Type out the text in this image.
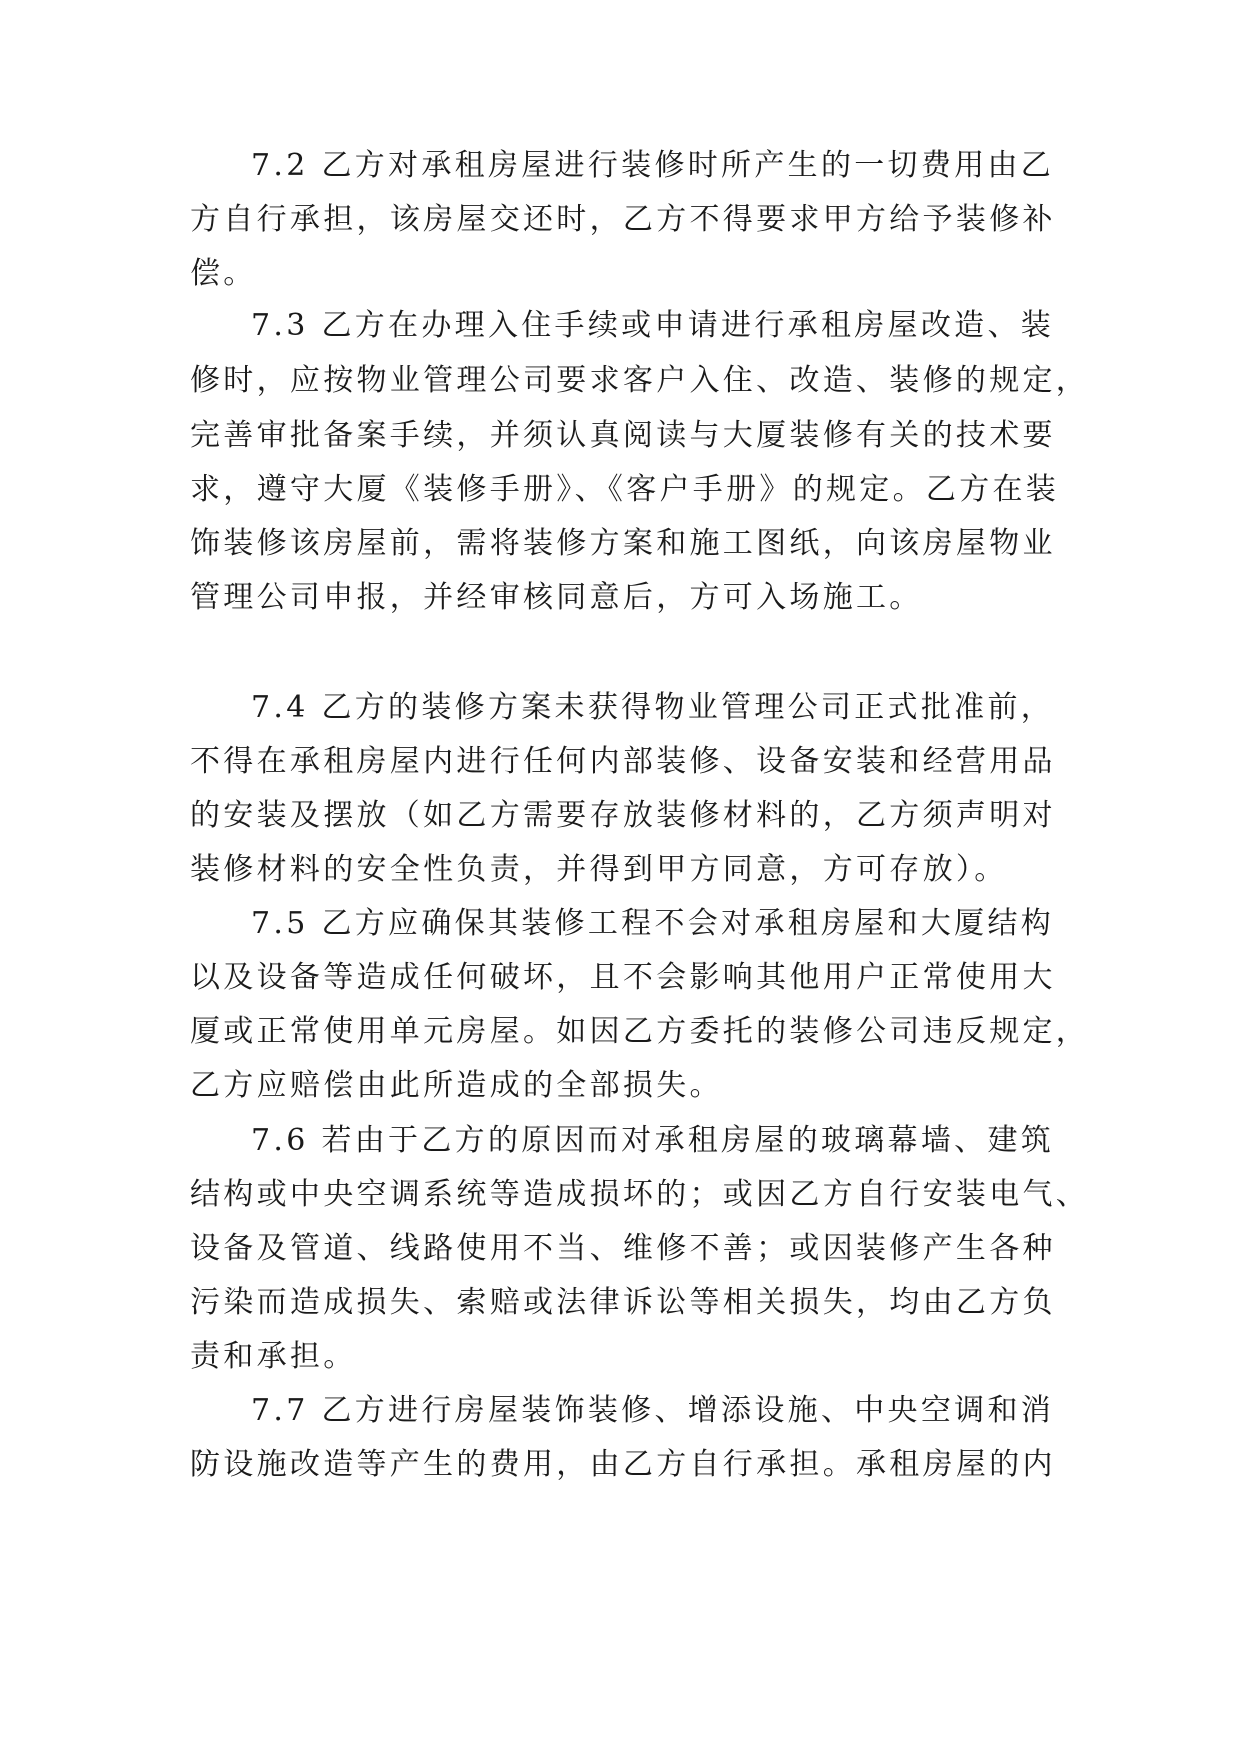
7.2 乙方对承租房屋进行装修时所产生的一切费用由乙
方自行承担，该房屋交还时，乙方不得要求甲方给予装修补
偿。
7.3 乙方在办理入住手续或申请进行承租房屋改造、装
修时，应按物业管理公司要求客户入住、改造、装修的规定，
完善审批备案手续，并须认真阅读与大厦装修有关的技术要
求，遵守大厦《装修手册》、《客户手册》的规定。乙方在装
饰装修该房屋前，需将装修方案和施工图纸，向该房屋物业
管理公司申报，并经审核同意后，方可入场施工。
7.4 乙方的装修方案未获得物业管理公司正式批准前，
不得在承租房屋内进行任何内部装修、设备安装和经营用品
的安装及摆放（如乙方需要存放装修材料的，乙方须声明对
装修材料的安全性负责，并得到甲方同意，方可存放）。
7.5 乙方应确保其装修工程不会对承租房屋和大厦结构
以及设备等造成任何破坏，且不会影响其他用户正常使用大
厦或正常使用单元房屋。如因乙方委托的装修公司违反规定，
乙方应赔偿由此所造成的全部损失。
7.6 若由于乙方的原因而对承租房屋的玻璃幕墙、建筑
结构或中央空调系统等造成损坏的；或因乙方自行安装电气、
设备及管道、线路使用不当、维修不善；或因装修产生各种
污染而造成损失、索赔或法律诉讼等相关损失，均由乙方负
责和承担。
7.7 乙方进行房屋装饰装修、增添设施、中央空调和消
防设施改造等产生的费用，由乙方自行承担。承租房屋的内
